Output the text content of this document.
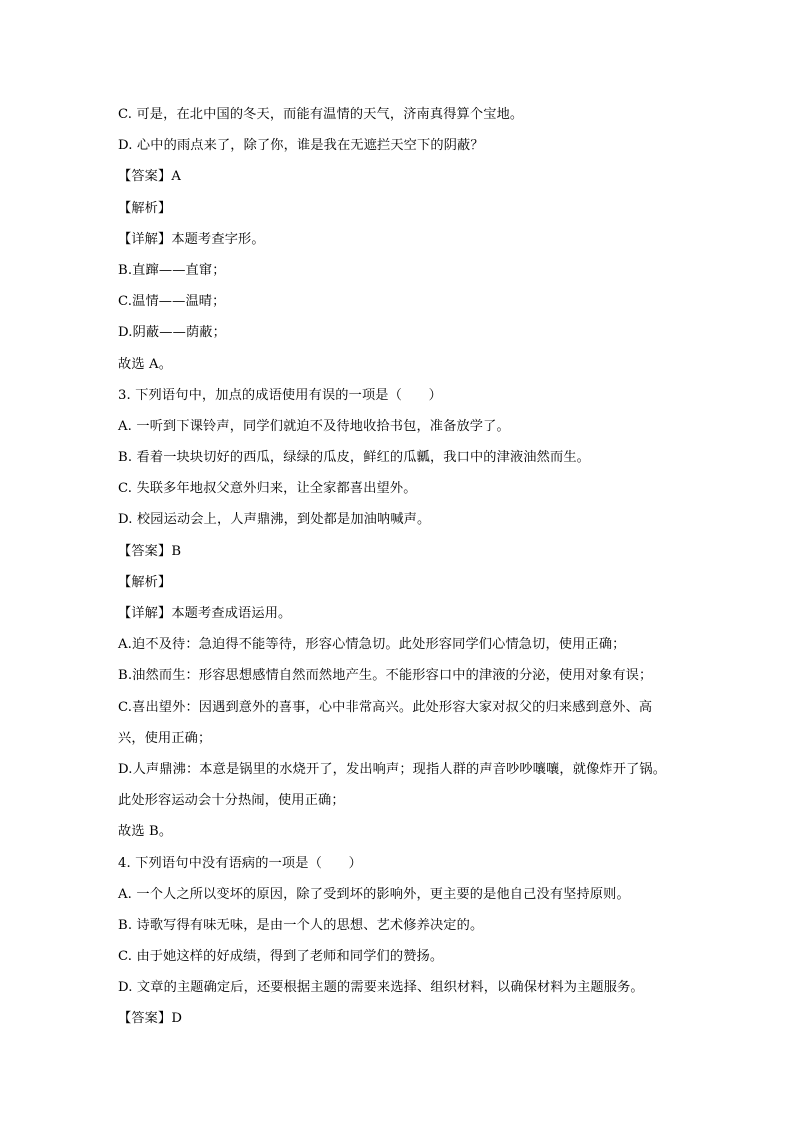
C. 可是，在北中国的冬天，而能有温情的天气，济南真得算个宝地。
D. 心中的雨点来了，除了你，谁是我在无遮拦天空下的阴蔽？
【答案】A
【解析】
【详解】本题考查字形。
B.直蹿——直窜；
C.温情——温晴；
D.阴蔽——荫蔽；
故选 A。
3. 下列语句中，加点的成语使用有误的一项是（　　）
A. 一听到下课铃声，同学们就迫不及待地收拾书包，准备放学了。
B. 看着一块块切好的西瓜，绿绿的瓜皮，鲜红的瓜瓤，我口中的津液油然而生。
C. 失联多年地叔父意外归来，让全家都喜出望外。
D. 校园运动会上，人声鼎沸，到处都是加油呐喊声。
【答案】B
【解析】
【详解】本题考查成语运用。
A.迫不及待：急迫得不能等待，形容心情急切。此处形容同学们心情急切，使用正确；
B.油然而生：形容思想感情自然而然地产生。不能形容口中的津液的分泌，使用对象有误；
C.喜出望外：因遇到意外的喜事，心中非常高兴。此处形容大家对叔父的归来感到意外、高
兴，使用正确；
D.人声鼎沸：本意是锅里的水烧开了，发出响声；现指人群的声音吵吵嚷嚷，就像炸开了锅。
此处形容运动会十分热闹，使用正确；
故选 B。
4. 下列语句中没有语病的一项是（　　）
A. 一个人之所以变坏的原因，除了受到坏的影响外，更主要的是他自己没有坚持原则。
B. 诗歌写得有味无味，是由一个人的思想、艺术修养决定的。
C. 由于她这样的好成绩，得到了老师和同学们的赞扬。
D. 文章的主题确定后，还要根据主题的需要来选择、组织材料，以确保材料为主题服务。
【答案】D
